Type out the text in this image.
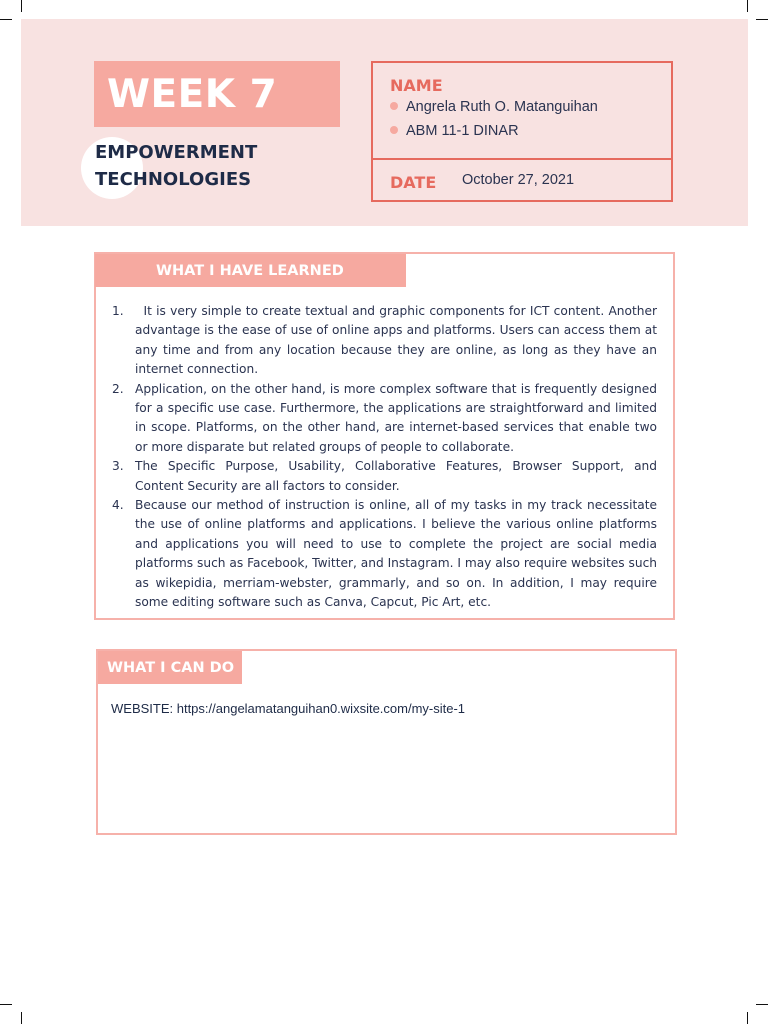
WEEK 7
EMPOWERMENT
TECHNOLOGIES
NAME
Angrela Ruth O. Matanguihan
ABM 11-1 DINAR
DATE October 27, 2021
WHAT I HAVE LEARNED
1. It is very simple to create textual and graphic components for ICT content. Another advantage is the ease of use of online apps and platforms. Users can access them at any time and from any location because they are online, as long as they have an internet connection.
2. Application, on the other hand, is more complex software that is frequently designed for a specific use case. Furthermore, the applications are straightforward and limited in scope. Platforms, on the other hand, are internet-based services that enable two or more disparate but related groups of people to collaborate.
3. The Specific Purpose, Usability, Collaborative Features, Browser Support, and Content Security are all factors to consider.
4. Because our method of instruction is online, all of my tasks in my track necessitate the use of online platforms and applications. I believe the various online platforms and applications you will need to use to complete the project are social media platforms such as Facebook, Twitter, and Instagram. I may also require websites such as wikepidia, merriam-webster, grammarly, and so on. In addition, I may require some editing software such as Canva, Capcut, Pic Art, etc.
WHAT I CAN DO
WEBSITE: https://angelamatanguihan0.wixsite.com/my-site-1
